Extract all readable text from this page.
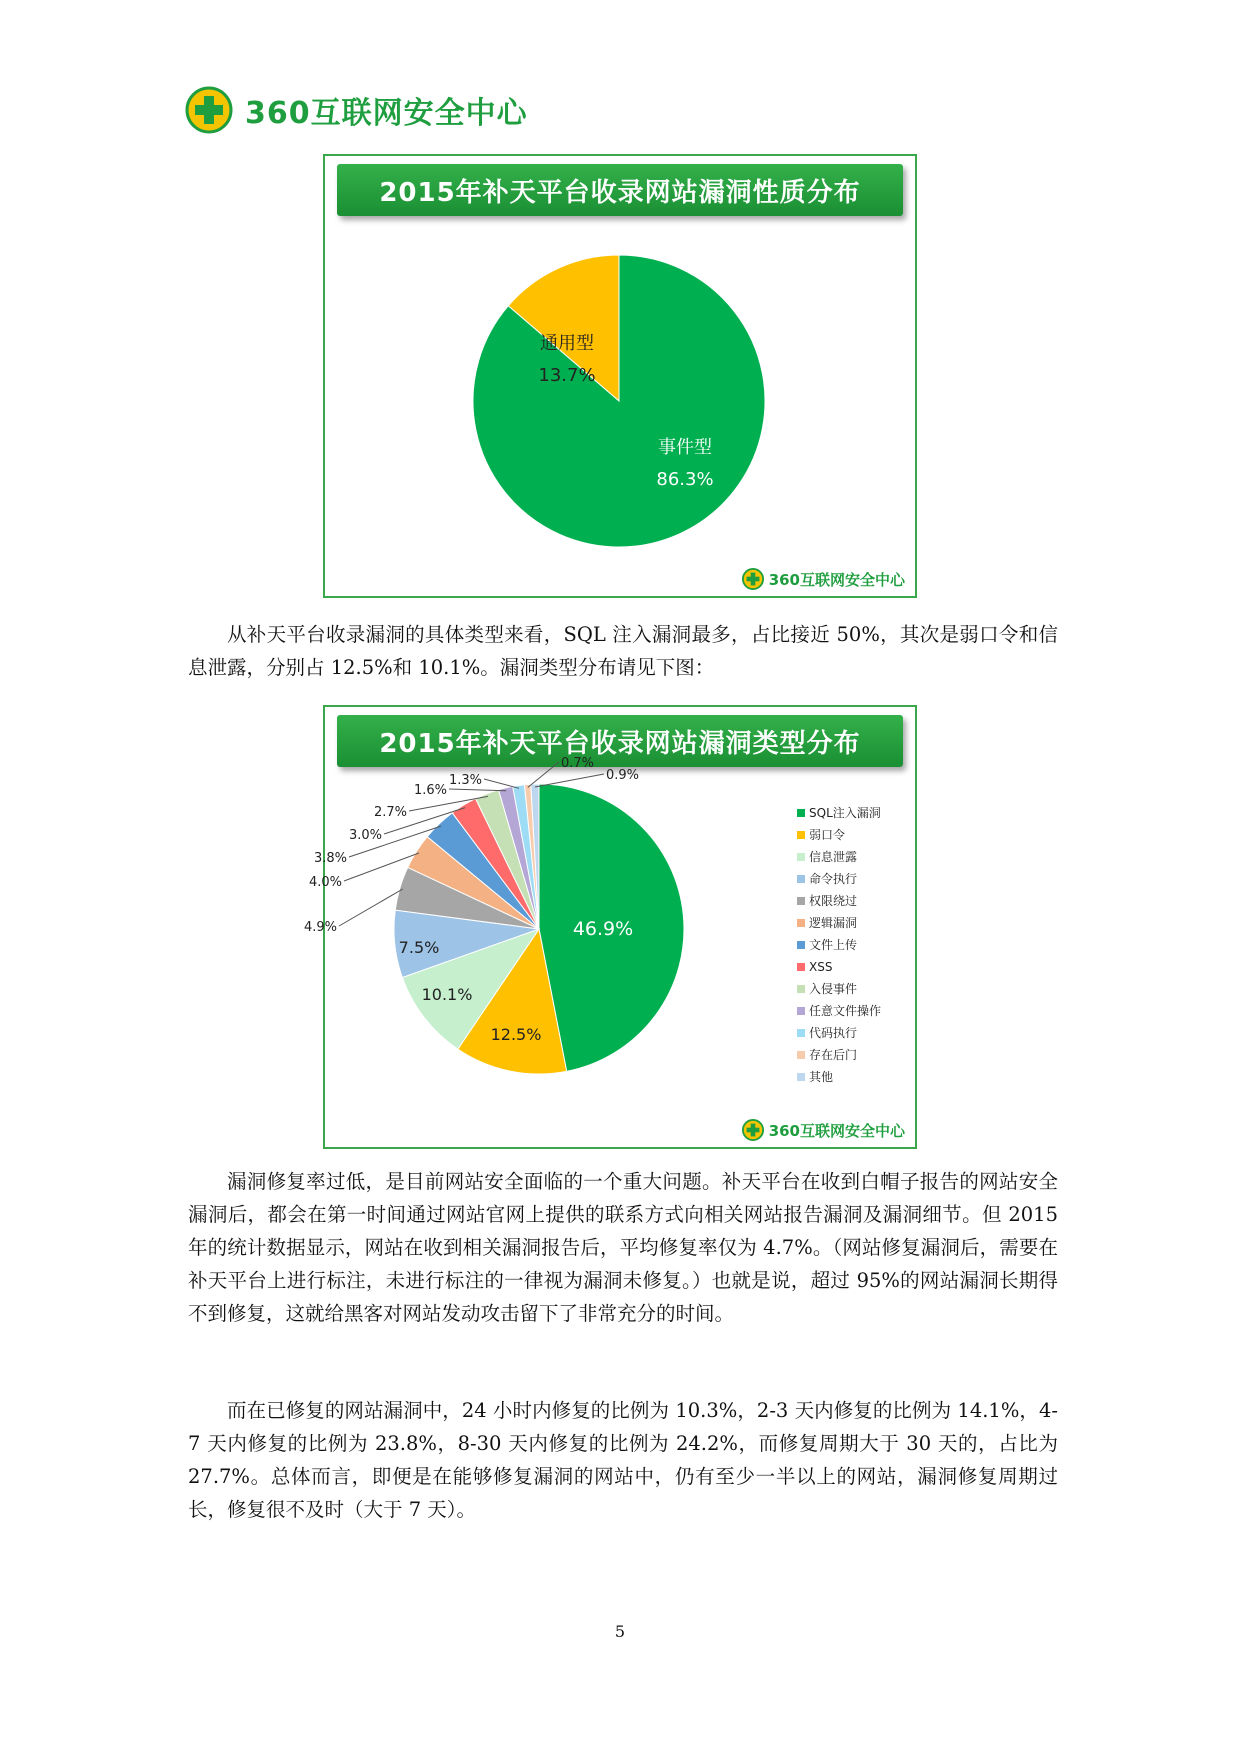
360互联网安全中心
2015年补天平台收录网站漏洞性质分布
通用型
13.7%
事件型
86.3%
360互联网安全中心

从补天平台收录漏洞的具体类型来看，SQL 注入漏洞最多，占比接近 50%，其次是弱口令和信息泄露，分别占 12.5%和 10.1%。漏洞类型分布请见下图：

2015年补天平台收录网站漏洞类型分布
46.9%
12.5%
10.1%
7.5%
4.9%
4.0%
3.8%
3.0%
2.7%
1.6%
1.3%
0.7%
0.9%
SQL注入漏洞
弱口令
信息泄露
命令执行
权限绕过
逻辑漏洞
文件上传
XSS
入侵事件
任意文件操作
代码执行
存在后门
其他
360互联网安全中心

漏洞修复率过低，是目前网站安全面临的一个重大问题。补天平台在收到白帽子报告的网站安全漏洞后，都会在第一时间通过网站官网上提供的联系方式向相关网站报告漏洞及漏洞细节。但 2015 年的统计数据显示，网站在收到相关漏洞报告后，平均修复率仅为 4.7%。（网站修复漏洞后，需要在补天平台上进行标注，未进行标注的一律视为漏洞未修复。）也就是说，超过 95%的网站漏洞长期得不到修复，这就给黑客对网站发动攻击留下了非常充分的时间。

而在已修复的网站漏洞中，24 小时内修复的比例为 10.3%，2-3 天内修复的比例为 14.1%，4-7 天内修复的比例为 23.8%，8-30 天内修复的比例为 24.2%，而修复周期大于 30 天的，占比为 27.7%。总体而言，即便是在能够修复漏洞的网站中，仍有至少一半以上的网站，漏洞修复周期过长，修复很不及时（大于 7 天）。

5
